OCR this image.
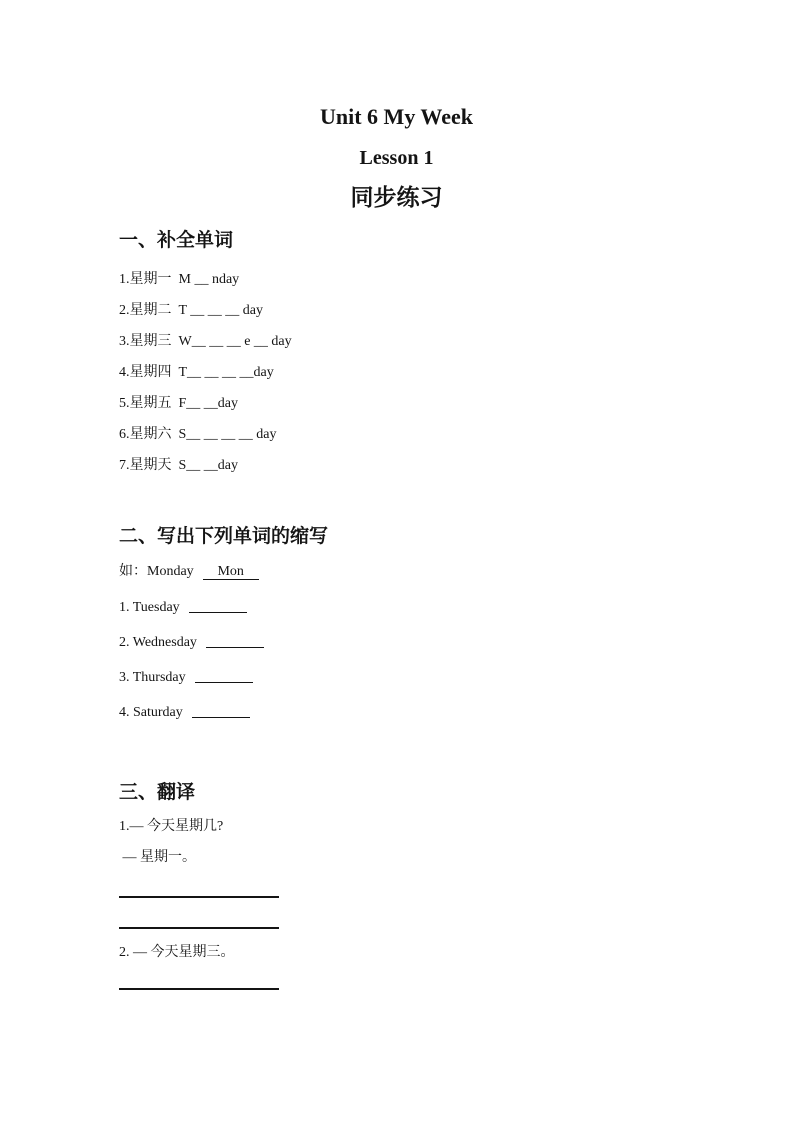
Unit 6 My Week
Lesson 1
同步练习
一、补全单词
1.星期一  M __ nday
2.星期二  T __ __ __ day
3.星期三  W__ __ __ e __ day
4.星期四  T__ __ __ __day
5.星期五  F__ __day
6.星期六  S__ __ __ __ day
7.星期天  S__ __day
二、写出下列单词的缩写
如：Monday Mon
1. Tuesday
2. Wednesday
3. Thursday
4. Saturday
三、翻译
1.— 今天星期几?
— 星期一。
2. — 今天星期三。
